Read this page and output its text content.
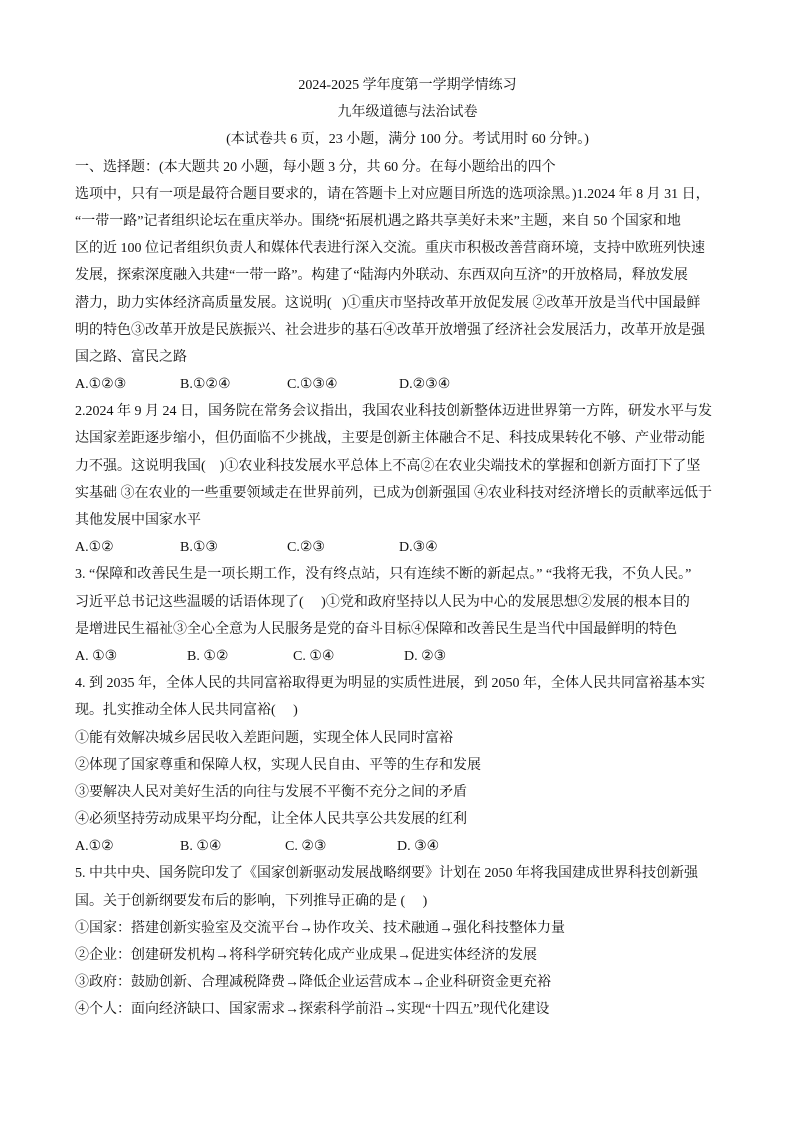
2024-2025 学年度第一学期学情练习
九年级道德与法治试卷
(本试卷共 6 页，23 小题，满分 100 分。考试用时 60 分钟。)
一、选择题：(本大题共 20 小题，每小题 3 分，共 60 分。在每小题给出的四个
选项中，只有一项是最符合题目要求的，请在答题卡上对应题目所选的选项涂黑。)1.2024 年 8 月 31 日，
“一带一路”记者组织论坛在重庆举办。围绕“拓展机遇之路共享美好未来”主题，来自 50 个国家和地
区的近 100 位记者组织负责人和媒体代表进行深入交流。重庆市积极改善营商环境，支持中欧班列快速
发展，探索深度融入共建“一带一路”。构建了“陆海内外联动、东西双向互济”的开放格局，释放发展
潜力，助力实体经济高质量发展。这说明(   )①重庆市坚持改革开放促发展 ②改革开放是当代中国最鲜
明的特色③改革开放是民族振兴、社会进步的基石④改革开放增强了经济社会发展活力，改革开放是强
国之路、富民之路
A.①②③	B.①②④	C.①③④	D.②③④
2.2024 年 9 月 24 日，国务院在常务会议指出，我国农业科技创新整体迈进世界第一方阵，研发水平与发
达国家差距逐步缩小，但仍面临不少挑战，主要是创新主体融合不足、科技成果转化不够、产业带动能
力不强。这说明我国(    )①农业科技发展水平总体上不高②在农业尖端技术的掌握和创新方面打下了坚
实基础 ③在农业的一些重要领域走在世界前列，已成为创新强国 ④农业科技对经济增长的贡献率远低于
其他发展中国家水平
A.①②	B.①③	C.②③	D.③④
3. “保障和改善民生是一项长期工作，没有终点站，只有连续不断的新起点。” “我将无我，不负人民。”
习近平总书记这些温暖的话语体现了(     )①党和政府坚持以人民为中心的发展思想②发展的根本目的
是增进民生福祉③全心全意为人民服务是党的奋斗目标④保障和改善民生是当代中国最鲜明的特色
A. ①③	B. ①②	C. ①④	D. ②③
4. 到 2035 年，全体人民的共同富裕取得更为明显的实质性进展，到 2050 年，全体人民共同富裕基本实
现。扎实推动全体人民共同富裕(     )
①能有效解决城乡居民收入差距问题，实现全体人民同时富裕
②体现了国家尊重和保障人权，实现人民自由、平等的生存和发展
③要解决人民对美好生活的向往与发展不平衡不充分之间的矛盾
④必须坚持劳动成果平均分配，让全体人民共享公共发展的红利
A.①②	B. ①④	C. ②③	D. ③④
5. 中共中央、国务院印发了《国家创新驱动发展战略纲要》计划在 2050 年将我国建成世界科技创新强
国。关于创新纲要发布后的影响，下列推导正确的是 (     )
①国家：搭建创新实验室及交流平台→协作攻关、技术融通→强化科技整体力量
②企业：创建研发机构→将科学研究转化成产业成果→促进实体经济的发展
③政府：鼓励创新、合理减税降费→降低企业运营成本→企业科研资金更充裕
④个人：面向经济缺口、国家需求→探索科学前沿→实现“十四五”现代化建设
